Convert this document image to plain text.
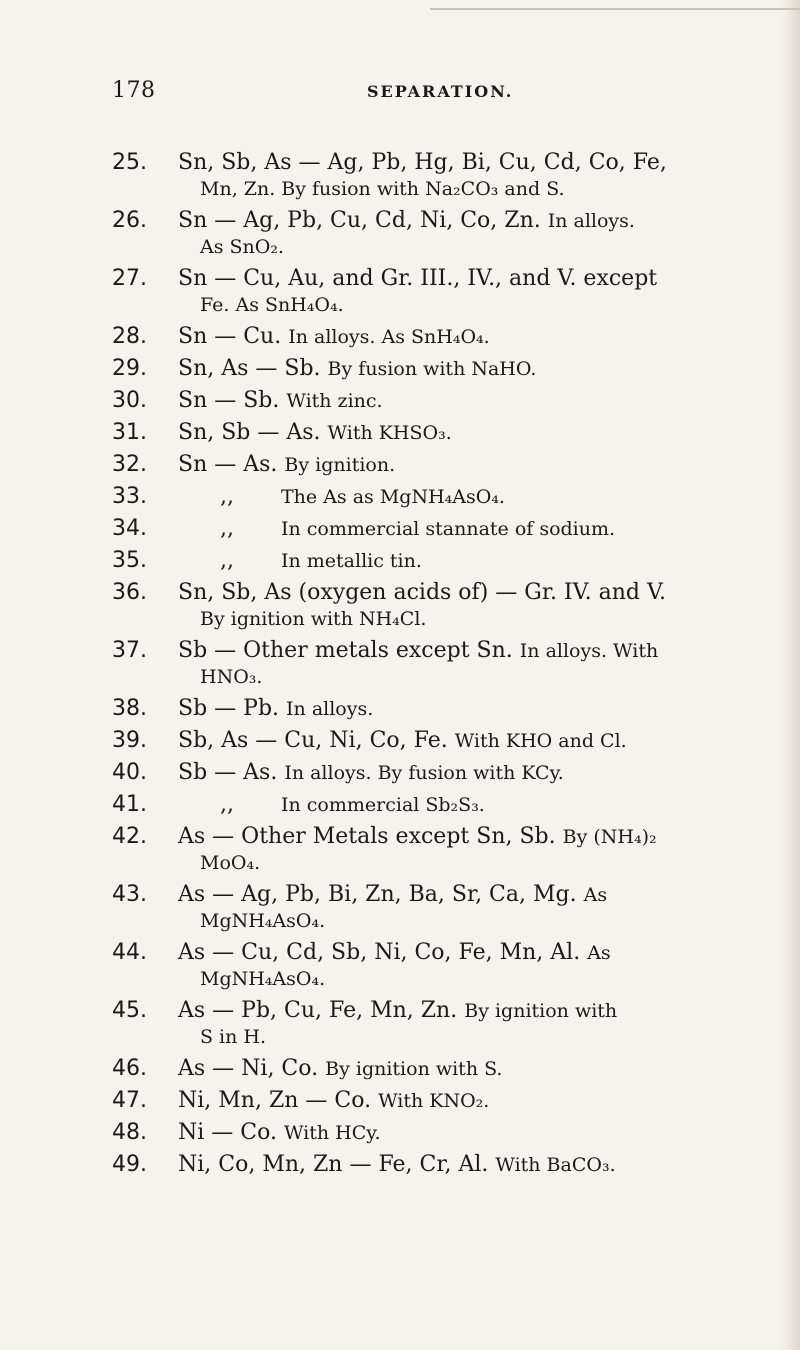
178	SEPARATION.
25.	Sn, Sb, As — Ag, Pb, Hg, Bi, Cu, Cd, Co, Fe,
Mn, Zn. By fusion with Na₂CO₃ and S.
26.	Sn — Ag, Pb, Cu, Cd, Ni, Co, Zn. In alloys.
As SnO₂.
27.	Sn — Cu, Au, and Gr. III., IV., and V. except
Fe. As SnH₄O₄.
28.	Sn — Cu. In alloys. As SnH₄O₄.
29.	Sn, As — Sb. By fusion with NaHO.
30.	Sn — Sb. With zinc.
31.	Sn, Sb — As. With KHSO₃.
32.	Sn — As. By ignition.
33.	,, The As as MgNH₄AsO₄.
34.	,, In commercial stannate of sodium.
35.	,, In metallic tin.
36.	Sn, Sb, As (oxygen acids of) — Gr. IV. and V.
By ignition with NH₄Cl.
37.	Sb — Other metals except Sn. In alloys. With
HNO₃.
38.	Sb — Pb. In alloys.
39.	Sb, As — Cu, Ni, Co, Fe. With KHO and Cl.
40.	Sb — As. In alloys. By fusion with KCy.
41.	,, In commercial Sb₂S₃.
42.	As — Other Metals except Sn, Sb. By (NH₄)₂
MoO₄.
43.	As — Ag, Pb, Bi, Zn, Ba, Sr, Ca, Mg. As
MgNH₄AsO₄.
44.	As — Cu, Cd, Sb, Ni, Co, Fe, Mn, Al. As
MgNH₄AsO₄.
45.	As — Pb, Cu, Fe, Mn, Zn. By ignition with
S in H.
46.	As — Ni, Co. By ignition with S.
47.	Ni, Mn, Zn — Co. With KNO₂.
48.	Ni — Co. With HCy.
49.	Ni, Co, Mn, Zn — Fe, Cr, Al. With BaCO₃.
